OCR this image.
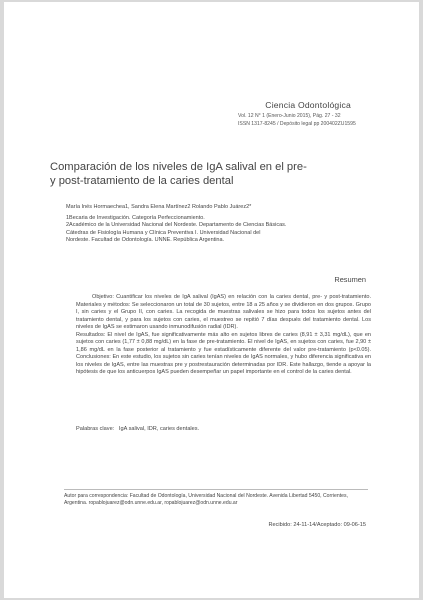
Ciencia Odontológica
Vol. 12 N° 1 (Enero-Junio 2015), Pág. 27 - 32
ISSN 1317-8245 / Depósito legal pp 200402ZU1595
Comparación de los niveles de IgA salival en el pre-
y post-tratamiento de la caries dental
María Inés Hormaechea1, Sandra Elena Martínez2 Rolando Pablo Juárez2*

1Becaria de Investigación. Categoría Perfeccionamiento.

2Académico de la Universidad Nacional del Nordeste. Departamento de Ciencias Básicas.

Cátedras de Fisiología Humana y Clínica Preventiva I. Universidad Nacional del

Nordeste. Facultad de Odontología. UNNE. República Argentina.

Resumen

Objetivo: Cuantificar los niveles de IgA salival (IgAS) en relación con la caries dental, pre- y post-tratamiento. Materiales y métodos: Se seleccionaron un total de 30 sujetos, entre 18 a 25 años y se dividieron en dos grupos. Grupo I, sin caries y el Grupo II, con caries. La recogida de muestras salivales se hizo para todos los sujetos antes del tratamiento dental, y para los sujetos con caries, el muestreo se repitió 7 días después del tratamiento dental. Los niveles de IgAS se estimaron usando inmunodifusión radial (IDR).

Resultados: El nivel de IgAS, fue significativamente más alto en sujetos libres de caries (8,91 ± 3,31 mg/dL), que en sujetos con caries (1,77 ± 0,88 mg/dL) en la fase de pre-tratamiento. El nivel de IgAS, en sujetos con caries, fue 2,90 ± 1,86 mg/dL en la fase posterior al tratamiento y fue estadísticamente diferente del valor pre-tratamiento (p<0.05). Conclusiones: En este estudio, los sujetos sin caries tenían niveles de IgAS normales, y hubo diferencia significativa en los niveles de IgAS, entre las muestras pre y postrestauración determinadas por IDR. Este hallazgo, tiende a apoyar la hipótesis de que los anticuerpos IgAS pueden desempeñar un papel importante en el control de la caries dental.

Palabras clave: IgA salival, IDR, caries dentales.
Autor para correspondencia: Facultad de Odontología, Universidad Nacional del Nordeste. Avenida Libertad 5450, Corrientes, Argentina. ropablojuarez@odn.unne.edu.ar, ropablojuarez@odn.unne.edu.ar
Recibido: 24-11-14/Aceptado: 09-06-15
